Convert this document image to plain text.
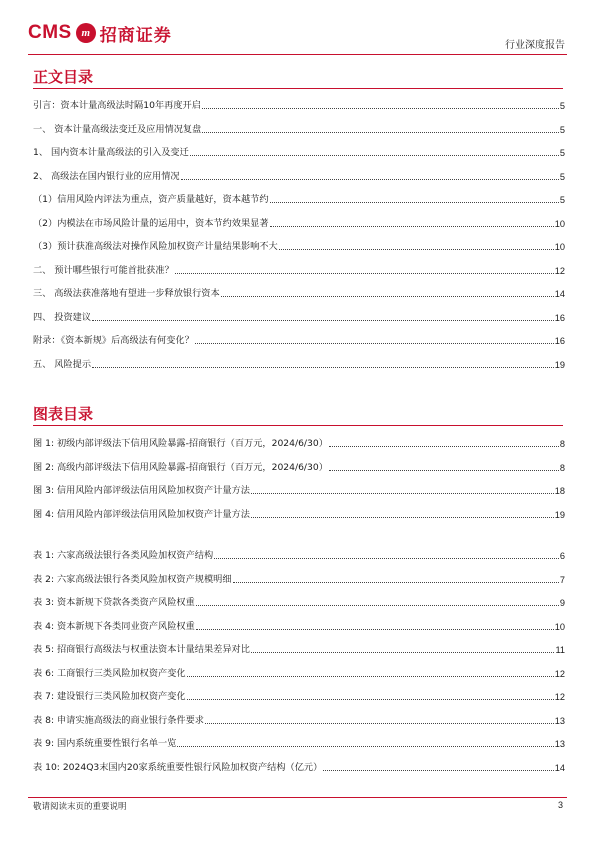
CMS m 招商证券	行业深度报告
正文目录
引言：资本计量高级法时隔10年再度开启	5
一、 资本计量高级法变迁及应用情况复盘	5
1、 国内资本计量高级法的引入及变迁	5
2、 高级法在国内银行业的应用情况	5
（1）信用风险内评法为重点，资产质量越好，资本越节约	5
（2）内模法在市场风险计量的运用中，资本节约效果显著	10
（3）预计获准高级法对操作风险加权资产计量结果影响不大	10
二、 预计哪些银行可能首批获准？	12
三、 高级法获准落地有望进一步释放银行资本	14
四、 投资建议	16
附录：《资本新规》后高级法有何变化？	16
五、 风险提示	19
图表目录
图 1: 初级内部评级法下信用风险暴露-招商银行（百万元，2024/6/30）	8
图 2: 高级内部评级法下信用风险暴露-招商银行（百万元，2024/6/30）	8
图 3: 信用风险内部评级法信用风险加权资产计量方法	18
图 4: 信用风险内部评级法信用风险加权资产计量方法	19
表 1: 六家高级法银行各类风险加权资产结构	6
表 2: 六家高级法银行各类风险加权资产规模明细	7
表 3: 资本新规下贷款各类资产风险权重	9
表 4: 资本新规下各类同业资产风险权重	10
表 5: 招商银行高级法与权重法资本计量结果差异对比	11
表 6: 工商银行三类风险加权资产变化	12
表 7: 建设银行三类风险加权资产变化	12
表 8: 申请实施高级法的商业银行条件要求	13
表 9: 国内系统重要性银行名单一览	13
表 10: 2024Q3末国内20家系统重要性银行风险加权资产结构（亿元）	14
敬请阅读末页的重要说明	3
